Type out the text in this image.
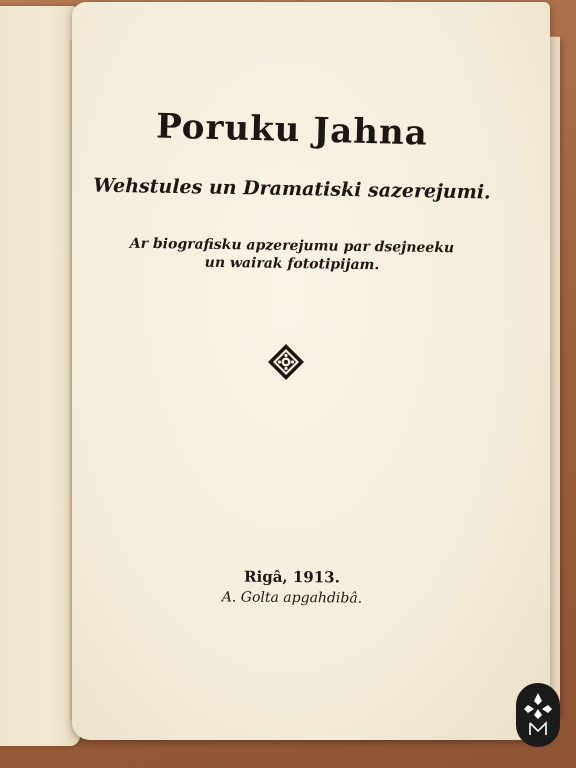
Poruku Jahna
Wehstules un Dramatiski sazerejumi.
Ar biografisku apzerejumu par dsejneeku
un wairak fototipijam.
Rigâ, 1913.
A. Golta apgahdibâ.
